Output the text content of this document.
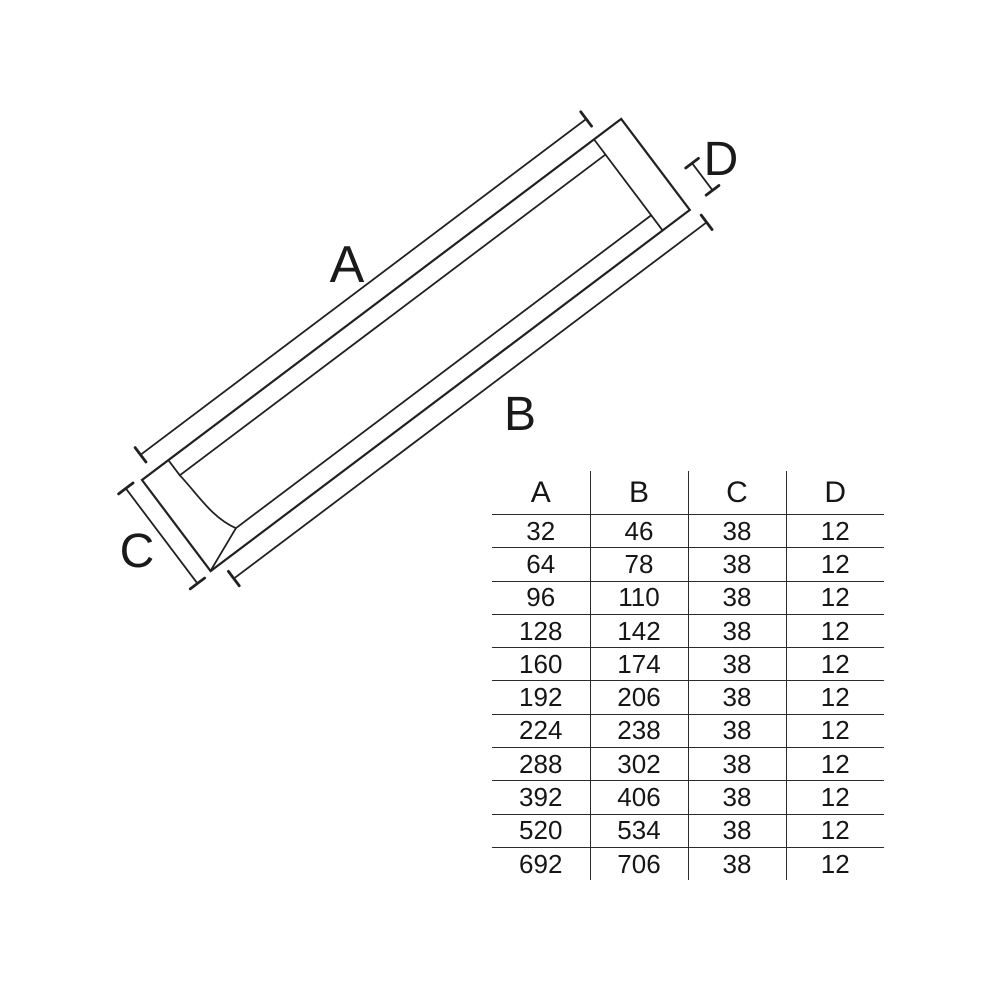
A
B
C
D
A	B	C	D
32	46	38	12
64	78	38	12
96	110	38	12
128	142	38	12
160	174	38	12
192	206	38	12
224	238	38	12
288	302	38	12
392	406	38	12
520	534	38	12
692	706	38	12
